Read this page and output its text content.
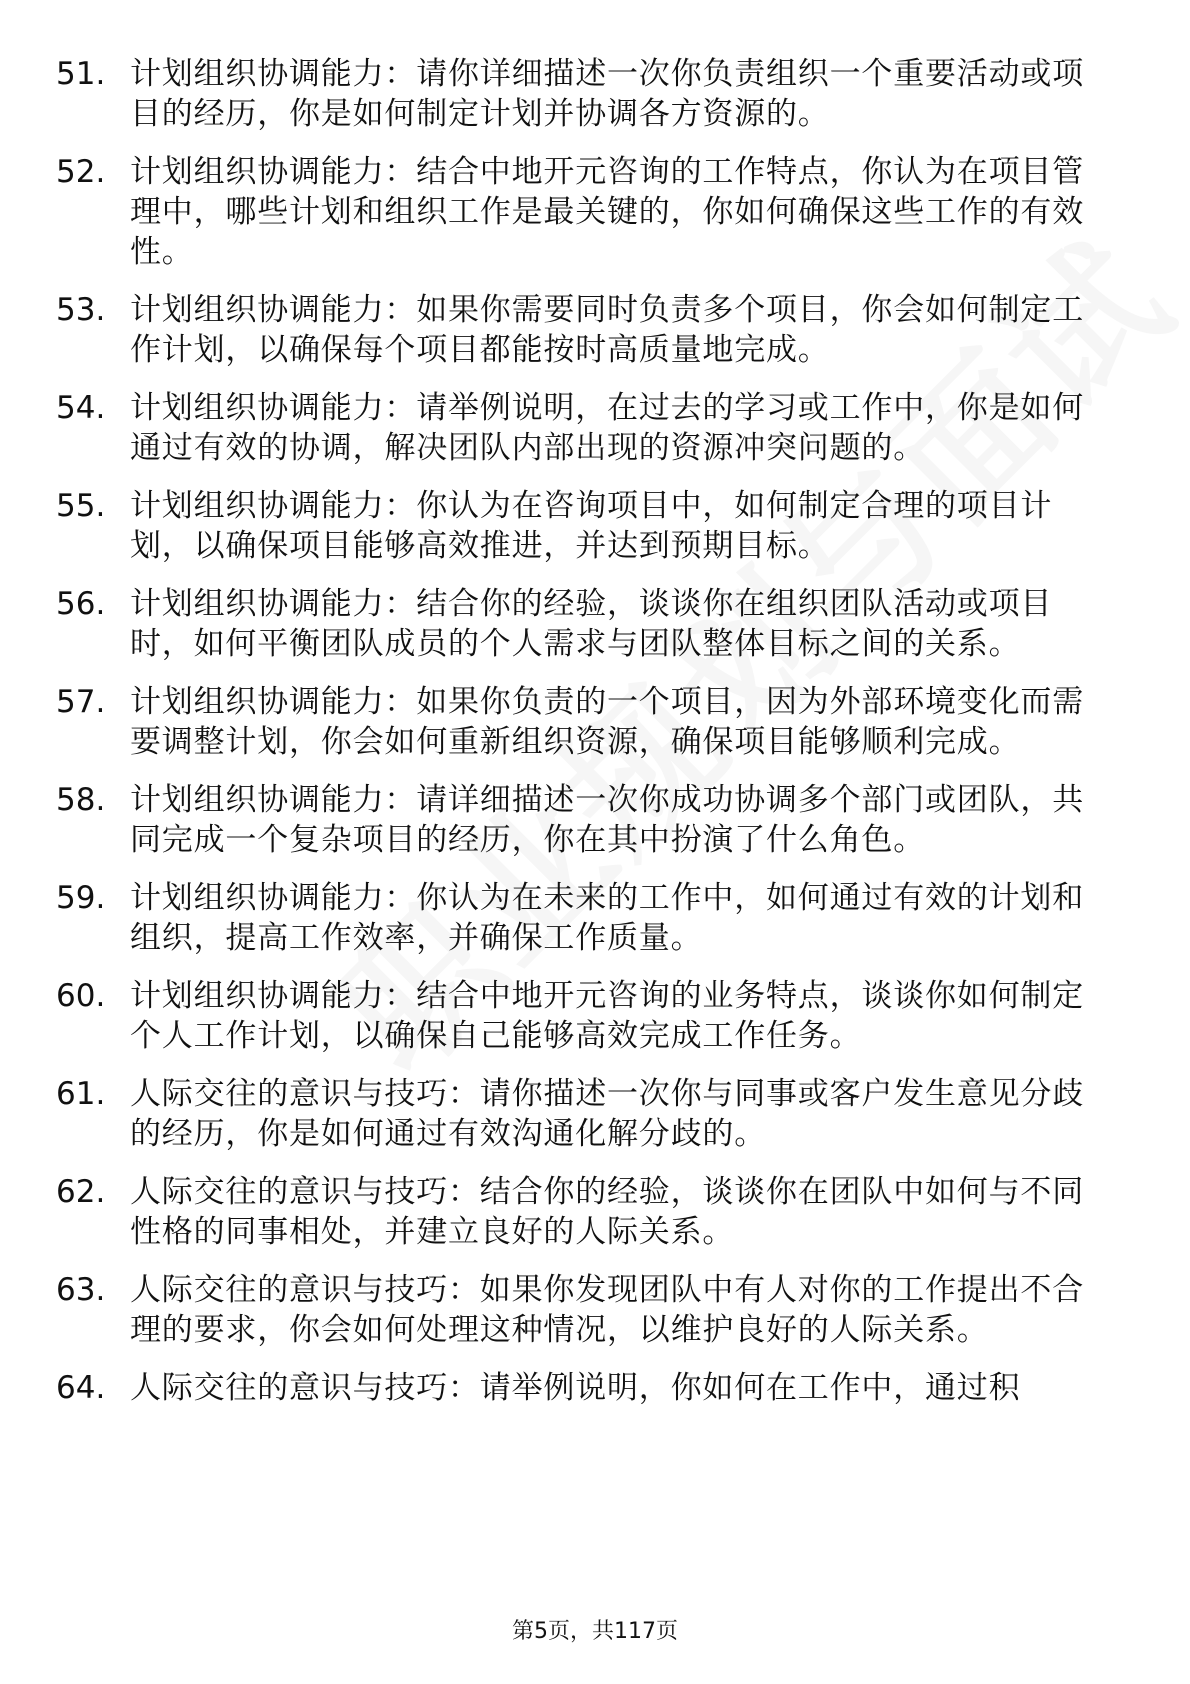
51. 计划组织协调能力：请你详细描述一次你负责组织一个重要活动或项目的经历，你是如何制定计划并协调各方资源的。
52. 计划组织协调能力：结合中地开元咨询的工作特点，你认为在项目管理中，哪些计划和组织工作是最关键的，你如何确保这些工作的有效性。
53. 计划组织协调能力：如果你需要同时负责多个项目，你会如何制定工作计划，以确保每个项目都能按时高质量地完成。
54. 计划组织协调能力：请举例说明，在过去的学习或工作中，你是如何通过有效的协调，解决团队内部出现的资源冲突问题的。
55. 计划组织协调能力：你认为在咨询项目中，如何制定合理的项目计划，以确保项目能够高效推进，并达到预期目标。
56. 计划组织协调能力：结合你的经验，谈谈你在组织团队活动或项目时，如何平衡团队成员的个人需求与团队整体目标之间的关系。
57. 计划组织协调能力：如果你负责的一个项目，因为外部环境变化而需要调整计划，你会如何重新组织资源，确保项目能够顺利完成。
58. 计划组织协调能力：请详细描述一次你成功协调多个部门或团队，共同完成一个复杂项目的经历，你在其中扮演了什么角色。
59. 计划组织协调能力：你认为在未来的工作中，如何通过有效的计划和组织，提高工作效率，并确保工作质量。
60. 计划组织协调能力：结合中地开元咨询的业务特点，谈谈你如何制定个人工作计划，以确保自己能够高效完成工作任务。
61. 人际交往的意识与技巧：请你描述一次你与同事或客户发生意见分歧的经历，你是如何通过有效沟通化解分歧的。
62. 人际交往的意识与技巧：结合你的经验，谈谈你在团队中如何与不同性格的同事相处，并建立良好的人际关系。
63. 人际交往的意识与技巧：如果你发现团队中有人对你的工作提出不合理的要求，你会如何处理这种情况，以维护良好的人际关系。
64. 人际交往的意识与技巧：请举例说明，你如何在工作中，通过积
第5页，共117页
